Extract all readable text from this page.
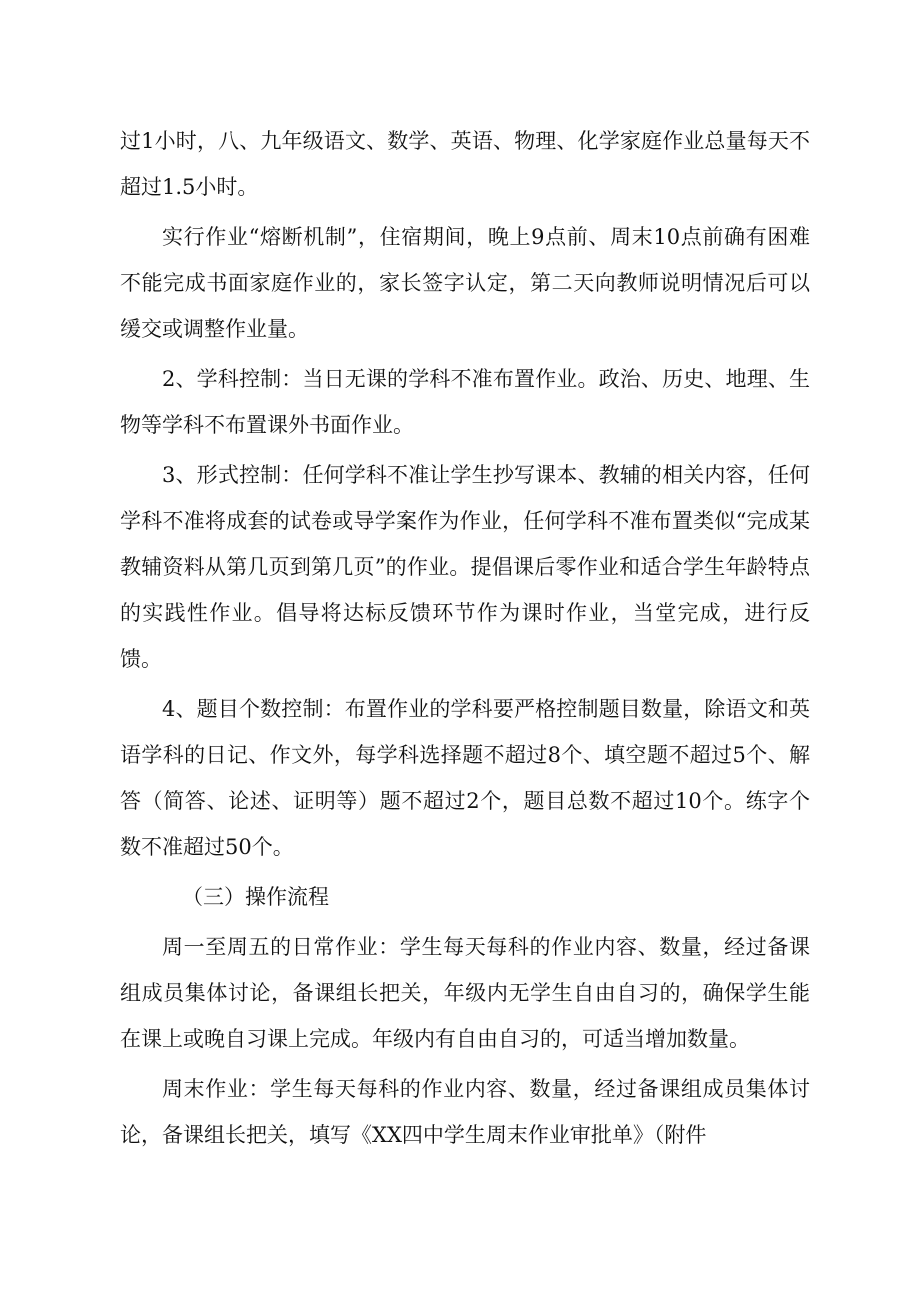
过1小时，八、九年级语文、数学、英语、物理、化学家庭作业总量每天不超过1.5小时。

实行作业“熔断机制”，住宿期间，晚上9点前、周末10点前确有困难不能完成书面家庭作业的，家长签字认定，第二天向教师说明情况后可以缓交或调整作业量。

2、学科控制：当日无课的学科不准布置作业。政治、历史、地理、生物等学科不布置课外书面作业。

3、形式控制：任何学科不准让学生抄写课本、教辅的相关内容，任何学科不准将成套的试卷或导学案作为作业，任何学科不准布置类似“完成某教辅资料从第几页到第几页”的作业。提倡课后零作业和适合学生年龄特点的实践性作业。倡导将达标反馈环节作为课时作业，当堂完成，进行反馈。

4、题目个数控制：布置作业的学科要严格控制题目数量，除语文和英语学科的日记、作文外，每学科选择题不超过8个、填空题不超过5个、解答（简答、论述、证明等）题不超过2个，题目总数不超过10个。练字个数不准超过50个。

（三）操作流程

周一至周五的日常作业：学生每天每科的作业内容、数量，经过备课组成员集体讨论，备课组长把关，年级内无学生自由自习的，确保学生能在课上或晚自习课上完成。年级内有自由自习的，可适当增加数量。

周末作业：学生每天每科的作业内容、数量，经过备课组成员集体讨论，备课组长把关，填写《XX四中学生周末作业审批单》（附件
